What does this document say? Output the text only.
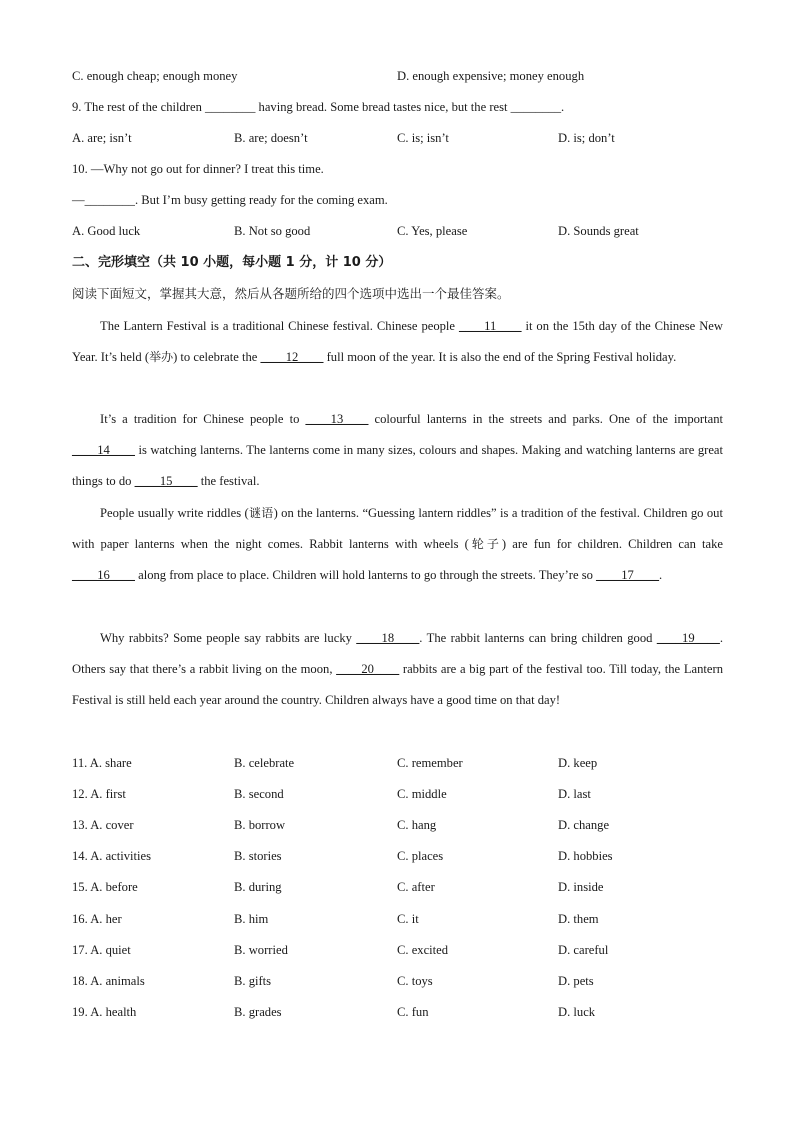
C. enough cheap; enough money	D. enough expensive; money enough
9. The rest of the children ________ having bread. Some bread tastes nice, but the rest ________.
A. are; isn’t	B. are; doesn’t	C. is; isn’t	D. is; don’t
10. —Why not go out for dinner? I treat this time.
—________. But I’m busy getting ready for the coming exam.
A. Good luck	B. Not so good	C. Yes, please	D. Sounds great
二、完形填空（共 10 小题，每小题 1 分，计 10 分）
阅读下面短文，掌握其大意，然后从各题所给的四个选项中选出一个最佳答案。
The Lantern Festival is a traditional Chinese festival. Chinese people ____11____ it on the 15th day of the Chinese New Year. It’s held (举办) to celebrate the ____12____ full moon of the year. It is also the end of the Spring Festival holiday.
It’s a tradition for Chinese people to ____13____ colourful lanterns in the streets and parks. One of the important ____14____ is watching lanterns. The lanterns come in many sizes, colours and shapes. Making and watching lanterns are great things to do ____15____ the festival.
People usually write riddles (谜语) on the lanterns. “Guessing lantern riddles” is a tradition of the festival. Children go out with paper lanterns when the night comes. Rabbit lanterns with wheels (轮子) are fun for children. Children can take ____16____ along from place to place. Children will hold lanterns to go through the streets. They’re so ____17____.
Why rabbits? Some people say rabbits are lucky ____18____. The rabbit lanterns can bring children good ____19____. Others say that there’s a rabbit living on the moon, ____20____ rabbits are a big part of the festival too. Till today, the Lantern Festival is still held each year around the country. Children always have a good time on that day!
11. A. share	B. celebrate	C. remember	D. keep
12. A. first	B. second	C. middle	D. last
13. A. cover	B. borrow	C. hang	D. change
14. A. activities	B. stories	C. places	D. hobbies
15. A. before	B. during	C. after	D. inside
16. A. her	B. him	C. it	D. them
17. A. quiet	B. worried	C. excited	D. careful
18. A. animals	B. gifts	C. toys	D. pets
19. A. health	B. grades	C. fun	D. luck
